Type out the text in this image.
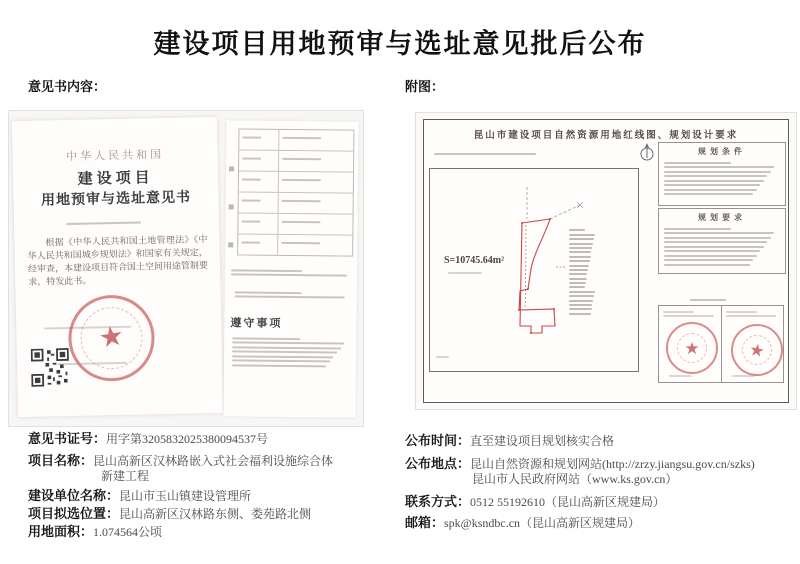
建设项目用地预审与选址意见批后公布
意见书内容：	附图：
中华人民共和国
建设项目
用地预审与选址意见书
根据《中华人民共和国土地管理法》《中华人民共和国城乡规划法》和国家有关规定，经审查，本建设项目符合国土空间用途管制要求，特发此书。
★	遵守事项
昆山市建设项目自然资源用地红线图、规划设计要求
S=10745.64m²
规划条件
规划要求
★	★
意见书证号：用字第3205832025380094537号
项目名称：昆山高新区汉林路嵌入式社会福利设施综合体
新建工程
建设单位名称：昆山市玉山镇建设管理所
项目拟选位置：昆山高新区汉林路东侧、娄苑路北侧
用地面积：1.074564公顷
公布时间：直至建设项目规划核实合格
公布地点：昆山自然资源和规划网站(http://zrzy.jiangsu.gov.cn/szks)
昆山市人民政府网站（www.ks.gov.cn）
联系方式：0512 55192610（昆山高新区规建局）
邮箱：spk@ksndbc.cn（昆山高新区规建局）
